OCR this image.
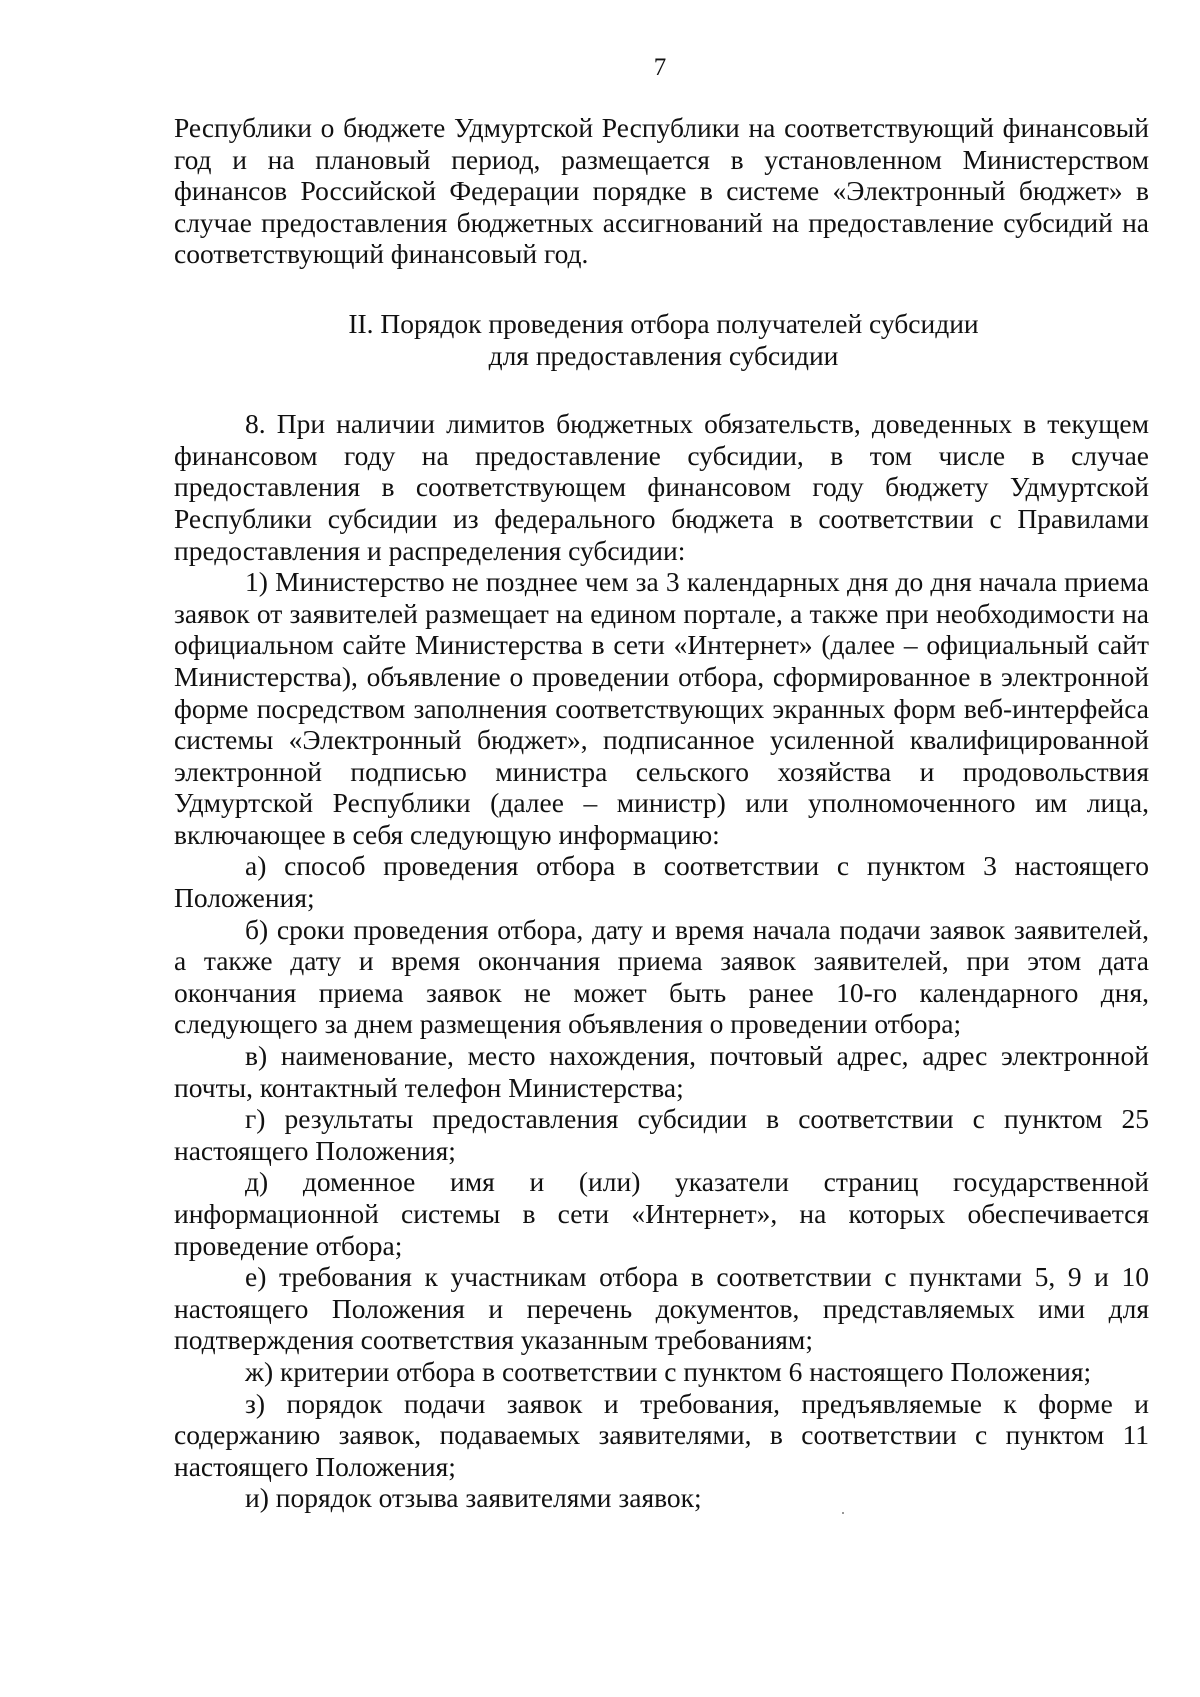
7

Республики о бюджете Удмуртской Республики на соответствующий финансовый год и на плановый период, размещается в установленном Министерством финансов Российской Федерации порядке в системе «Электронный бюджет» в случае предоставления бюджетных ассигнований на предоставление субсидий на соответствующий финансовый год.

II. Порядок проведения отбора получателей субсидии
для предоставления субсидии

8. При наличии лимитов бюджетных обязательств, доведенных в текущем финансовом году на предоставление субсидии, в том числе в случае предоставления в соответствующем финансовом году бюджету Удмуртской Республики субсидии из федерального бюджета в соответствии с Правилами предоставления и распределения субсидии:

1) Министерство не позднее чем за 3 календарных дня до дня начала приема заявок от заявителей размещает на едином портале, а также при необходимости на официальном сайте Министерства в сети «Интернет» (далее – официальный сайт Министерства), объявление о проведении отбора, сформированное в электронной форме посредством заполнения соответствующих экранных форм веб-интерфейса системы «Электронный бюджет», подписанное усиленной квалифицированной электронной подписью министра сельского хозяйства и продовольствия Удмуртской Республики (далее – министр) или уполномоченного им лица, включающее в себя следующую информацию:

а) способ проведения отбора в соответствии с пунктом 3 настоящего Положения;

б) сроки проведения отбора, дату и время начала подачи заявок заявителей, а также дату и время окончания приема заявок заявителей, при этом дата окончания приема заявок не может быть ранее 10-го календарного дня, следующего за днем размещения объявления о проведении отбора;

в) наименование, место нахождения, почтовый адрес, адрес электронной почты, контактный телефон Министерства;

г) результаты предоставления субсидии в соответствии с пунктом 25 настоящего Положения;

д) доменное имя и (или) указатели страниц государственной информационной системы в сети «Интернет», на которых обеспечивается проведение отбора;

е) требования к участникам отбора в соответствии с пунктами 5, 9 и 10 настоящего Положения и перечень документов, представляемых ими для подтверждения соответствия указанным требованиям;

ж) критерии отбора в соответствии с пунктом 6 настоящего Положения;

з) порядок подачи заявок и требования, предъявляемые к форме и содержанию заявок, подаваемых заявителями, в соответствии с пунктом 11 настоящего Положения;

и) порядок отзыва заявителями заявок;
